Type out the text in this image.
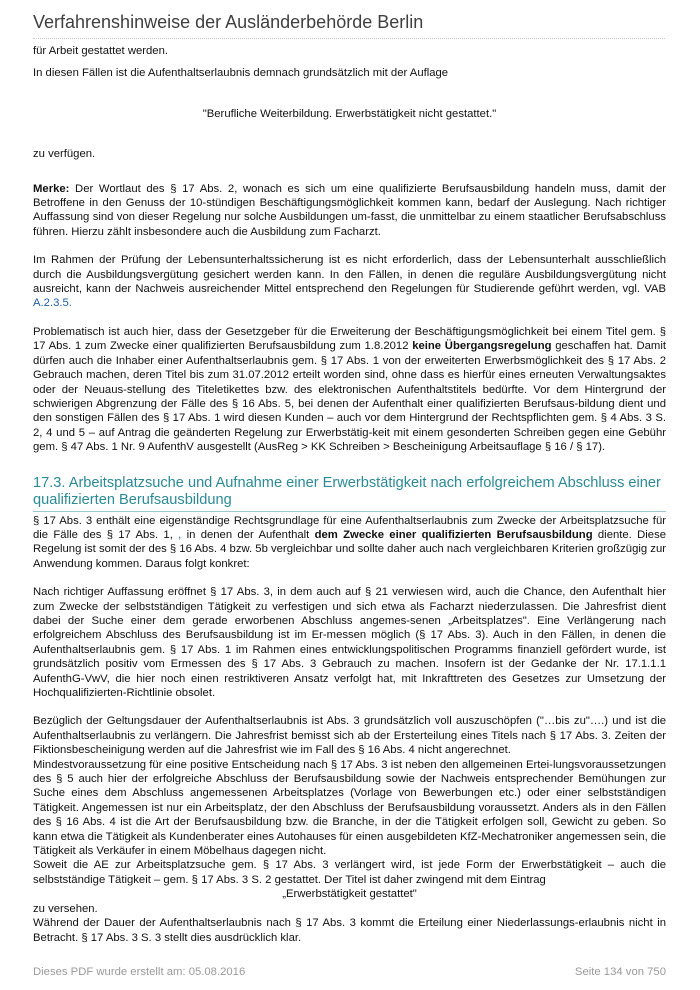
Verfahrenshinweise der Ausländerbehörde Berlin

für Arbeit gestattet werden.

In diesen Fällen ist die Aufenthaltserlaubnis demnach grundsätzlich mit der Auflage

"Berufliche Weiterbildung. Erwerbstätigkeit nicht gestattet."

zu verfügen.

Merke: Der Wortlaut des § 17 Abs. 2, wonach es sich um eine qualifizierte Berufsausbildung handeln muss, damit der Betroffene in den Genuss der 10-stündigen Beschäftigungsmöglichkeit kommen kann, bedarf der Auslegung. Nach richtiger Auffassung sind von dieser Regelung nur solche Ausbildungen um-fasst, die unmittelbar zu einem staatlicher Berufsabschluss führen. Hierzu zählt insbesondere auch die Ausbildung zum Facharzt.

Im Rahmen der Prüfung der Lebensunterhaltssicherung ist es nicht erforderlich, dass der Lebensunterhalt ausschließlich durch die Ausbildungsvergütung gesichert werden kann. In den Fällen, in denen die reguläre Ausbildungsvergütung nicht ausreicht, kann der Nachweis ausreichender Mittel entsprechend den Regelungen für Studierende geführt werden, vgl. VAB A.2.3.5.

Problematisch ist auch hier, dass der Gesetzgeber für die Erweiterung der Beschäftigungsmöglichkeit bei einem Titel gem. § 17 Abs. 1 zum Zwecke einer qualifizierten Berufsausbildung zum 1.8.2012 keine Übergangsregelung geschaffen hat. Damit dürfen auch die Inhaber einer Aufenthaltserlaubnis gem. § 17 Abs. 1 von der erweiterten Erwerbsmöglichkeit des § 17 Abs. 2 Gebrauch machen, deren Titel bis zum 31.07.2012 erteilt worden sind, ohne dass es hierfür eines erneuten Verwaltungsaktes oder der Neuaus-stellung des Titeletikettes bzw. des elektronischen Aufenthaltstitels bedürfte. Vor dem Hintergrund der schwierigen Abgrenzung der Fälle des § 16 Abs. 5, bei denen der Aufenthalt einer qualifizierten Berufsaus-bildung dient und den sonstigen Fällen des § 17 Abs. 1 wird diesen Kunden – auch vor dem Hintergrund der Rechtspflichten gem. § 4 Abs. 3 S. 2, 4 und 5 – auf Antrag die geänderten Regelung zur Erwerbstätig-keit mit einem gesonderten Schreiben gegen eine Gebühr gem. § 47 Abs. 1 Nr. 9 AufenthV ausgestellt (AusReg > KK Schreiben > Bescheinigung Arbeitsauflage § 16 / § 17).

17.3. Arbeitsplatzsuche und Aufnahme einer Erwerbstätigkeit nach erfolgreichem Abschluss einer qualifizierten Berufsausbildung

§ 17 Abs. 3 enthält eine eigenständige Rechtsgrundlage für eine Aufenthaltserlaubnis zum Zwecke der Arbeitsplatzsuche für die Fälle des § 17 Abs. 1, , in denen der Aufenthalt dem Zwecke einer qualifizierten Berufsausbildung diente. Diese Regelung ist somit der des § 16 Abs. 4 bzw. 5b vergleichbar und sollte daher auch nach vergleichbaren Kriterien großzügig zur Anwendung kommen. Daraus folgt konkret:

Nach richtiger Auffassung eröffnet § 17 Abs. 3, in dem auch auf § 21 verwiesen wird, auch die Chance, den Aufenthalt hier zum Zwecke der selbstständigen Tätigkeit zu verfestigen und sich etwa als Facharzt niederzulassen. Die Jahresfrist dient dabei der Suche einer dem gerade erworbenen Abschluss angemes-senen „Arbeitsplatzes". Eine Verlängerung nach erfolgreichem Abschluss des Berufsausbildung ist im Er-messen möglich (§ 17 Abs. 3). Auch in den Fällen, in denen die Aufenthaltserlaubnis gem. § 17 Abs. 1 im Rahmen eines entwicklungspolitischen Programms finanziell gefördert wurde, ist grundsätzlich positiv vom Ermessen des § 17 Abs. 3 Gebrauch zu machen. Insofern ist der Gedanke der Nr. 17.1.1.1 AufenthG-VwV, die hier noch einen restriktiveren Ansatz verfolgt hat, mit Inkrafttreten des Gesetzes zur Umsetzung der Hochqualifizierten-Richtlinie obsolet.

Bezüglich der Geltungsdauer der Aufenthaltserlaubnis ist Abs. 3 grundsätzlich voll auszuschöpfen ("…bis zu"….) und ist die Aufenthaltserlaubnis zu verlängern. Die Jahresfrist bemisst sich ab der Ersterteilung eines Titels nach § 17 Abs. 3. Zeiten der Fiktionsbescheinigung werden auf die Jahresfrist wie im Fall des § 16 Abs. 4 nicht angerechnet.

Mindestvoraussetzung für eine positive Entscheidung nach § 17 Abs. 3 ist neben den allgemeinen Ertei-lungsvoraussetzungen des § 5 auch hier der erfolgreiche Abschluss der Berufsausbildung sowie der Nachweis entsprechender Bemühungen zur Suche eines dem Abschluss angemessenen Arbeitsplatzes (Vorlage von Bewerbungen etc.) oder einer selbstständigen Tätigkeit. Angemessen ist nur ein Arbeitsplatz, der den Abschluss der Berufsausbildung voraussetzt. Anders als in den Fällen des § 16 Abs. 4 ist die Art der Berufsausbildung bzw. die Branche, in der die Tätigkeit erfolgen soll, Gewicht zu geben. So kann etwa die Tätigkeit als Kundenberater eines Autohauses für einen ausgebildeten KfZ-Mechatroniker angemessen sein, die Tätigkeit als Verkäufer in einem Möbelhaus dagegen nicht.

Soweit die AE zur Arbeitsplatzsuche gem. § 17 Abs. 3 verlängert wird, ist jede Form der Erwerbstätigkeit – auch die selbstständige Tätigkeit – gem. § 17 Abs. 3 S. 2 gestattet. Der Titel ist daher zwingend mit dem Eintrag

„Erwerbstätigkeit gestattet"

zu versehen.

Während der Dauer der Aufenthaltserlaubnis nach § 17 Abs. 3 kommt die Erteilung einer Niederlassungs-erlaubnis nicht in Betracht. § 17 Abs. 3 S. 3 stellt dies ausdrücklich klar.

Dieses PDF wurde erstellt am: 05.08.2016	Seite 134 von 750
